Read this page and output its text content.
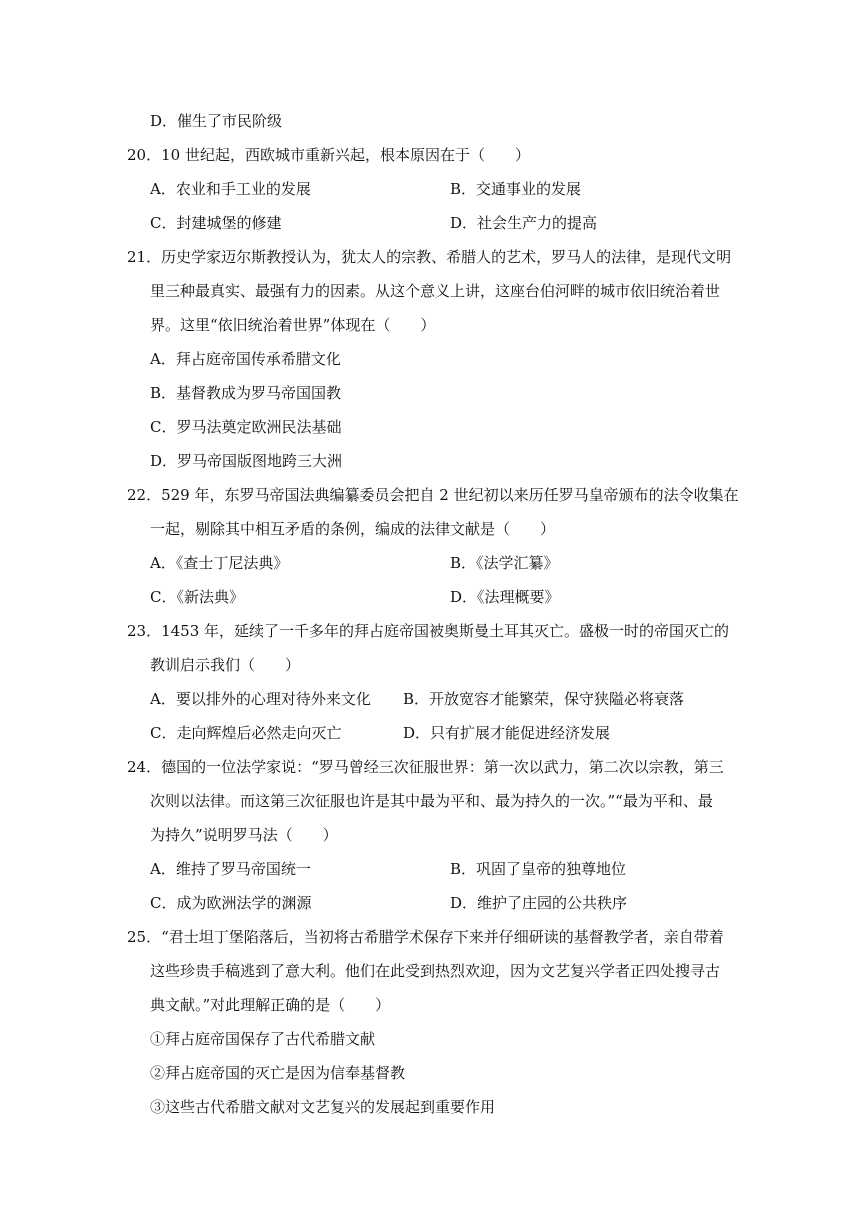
D．催生了市民阶级
20．10 世纪起，西欧城市重新兴起，根本原因在于（　　）
A．农业和手工业的发展	B．交通事业的发展
C．封建城堡的修建	D．社会生产力的提高
21．历史学家迈尔斯教授认为，犹太人的宗教、希腊人的艺术，罗马人的法律，是现代文明
里三种最真实、最强有力的因素。从这个意义上讲，这座台伯河畔的城市依旧统治着世
界。这里“依旧统治着世界”体现在（　　）
A．拜占庭帝国传承希腊文化
B．基督教成为罗马帝国国教
C．罗马法奠定欧洲民法基础
D．罗马帝国版图地跨三大洲
22．529 年，东罗马帝国法典编纂委员会把自 2 世纪初以来历任罗马皇帝颁布的法令收集在
一起，剔除其中相互矛盾的条例，编成的法律文献是（　　）
A．《查士丁尼法典》	B．《法学汇纂》
C．《新法典》	D．《法理概要》
23．1453 年，延续了一千多年的拜占庭帝国被奥斯曼土耳其灭亡。盛极一时的帝国灭亡的
教训启示我们（　　）
A．要以排外的心理对待外来文化 B．开放宽容才能繁荣，保守狭隘必将衰落
C．走向辉煌后必然走向灭亡	D．只有扩展才能促进经济发展
24．德国的一位法学家说：“罗马曾经三次征服世界：第一次以武力，第二次以宗教，第三
次则以法律。而这第三次征服也许是其中最为平和、最为持久的一次。”“最为平和、最
为持久”说明罗马法（　　）
A．维持了罗马帝国统一	B．巩固了皇帝的独尊地位
C．成为欧洲法学的渊源	D．维护了庄园的公共秩序
25．“君士坦丁堡陷落后，当初将古希腊学术保存下来并仔细研读的基督教学者，亲自带着
这些珍贵手稿逃到了意大利。他们在此受到热烈欢迎，因为文艺复兴学者正四处搜寻古
典文献。”对此理解正确的是（　　）
①拜占庭帝国保存了古代希腊文献
②拜占庭帝国的灭亡是因为信奉基督教
③这些古代希腊文献对文艺复兴的发展起到重要作用
